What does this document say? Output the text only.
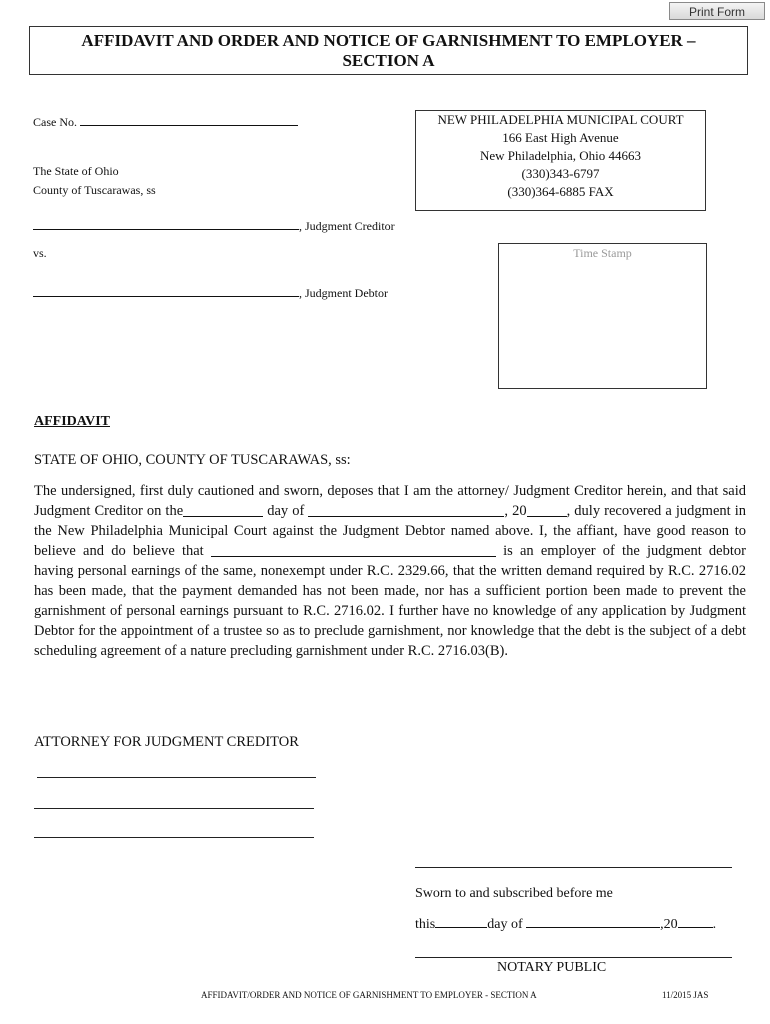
Print Form
AFFIDAVIT AND ORDER AND NOTICE OF GARNISHMENT TO EMPLOYER –
SECTION A
Case No.	NEW PHILADELPHIA MUNICIPAL COURT
166 East High Avenue
New Philadelphia, Ohio 44663
(330)343-6797
(330)364-6885 FAX
The State of Ohio
County of Tuscarawas, ss
, Judgment Creditor
vs.	Time Stamp
, Judgment Debtor
AFFIDAVIT
STATE OF OHIO, COUNTY OF TUSCARAWAS, ss:
The undersigned, first duly cautioned and sworn, deposes that I am the attorney/ Judgment Creditor herein, and that said Judgment Creditor on the	day of	, 20	, duly recovered a judgment in the New Philadelphia Municipal Court against the Judgment Debtor named above. I, the affiant, have good reason to believe and do believe that	is an employer of the judgment debtor having personal earnings of the same, nonexempt under R.C. 2329.66, that the written demand required by R.C. 2716.02 has been made, that the payment demanded has not been made, nor has a sufficient portion been made to prevent the garnishment of personal earnings pursuant to R.C. 2716.02. I further have no knowledge of any application by Judgment Debtor for the appointment of a trustee so as to preclude garnishment, nor knowledge that the debt is the subject of a debt scheduling agreement of a nature precluding garnishment under R.C. 2716.03(B).
ATTORNEY FOR JUDGMENT CREDITOR
Sworn to and subscribed before me
this	day of	,20	.
NOTARY PUBLIC
AFFIDAVIT/ORDER AND NOTICE OF GARNISHMENT TO EMPLOYER - SECTION A	11/2015 JAS
